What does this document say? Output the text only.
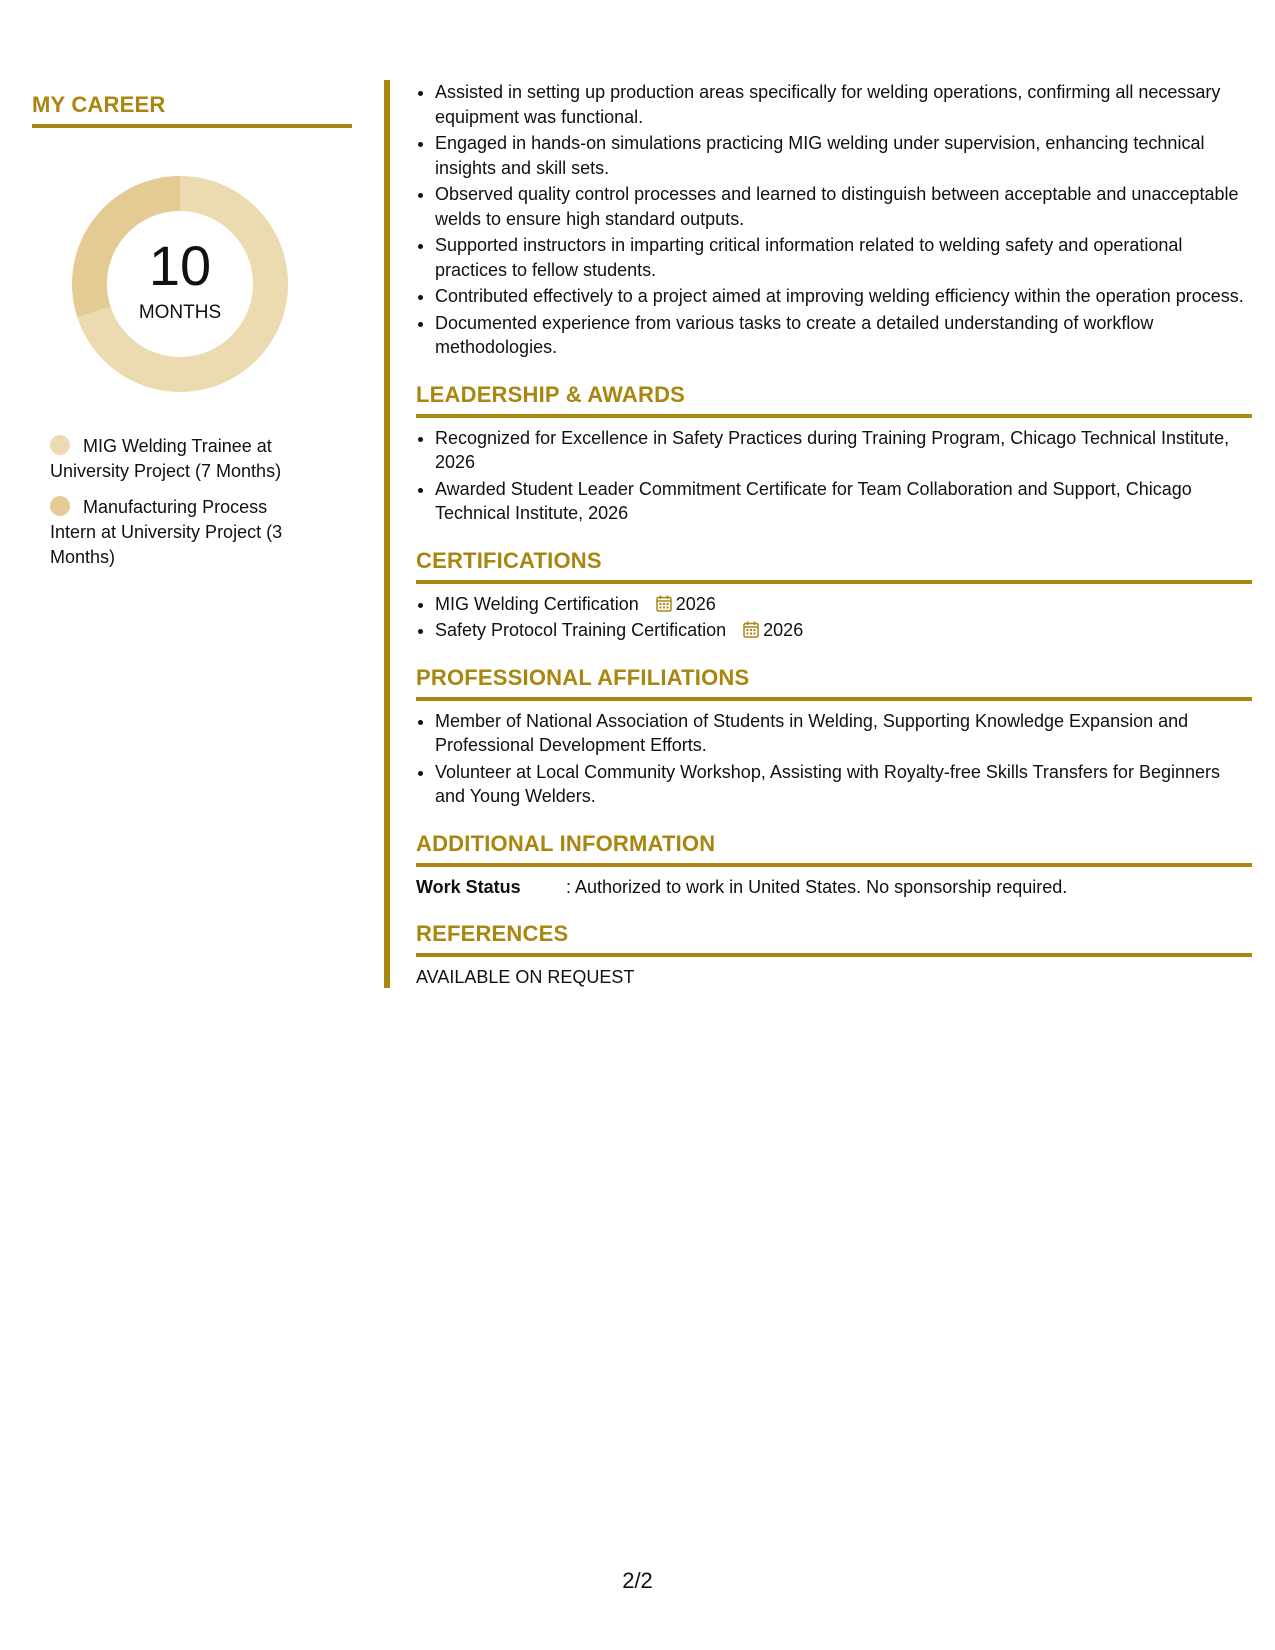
MY CAREER
10
MONTHS
MIG Welding Trainee at University Project (7 Months)
Manufacturing Process Intern at University Project (3 Months)
• Assisted in setting up production areas specifically for welding operations, confirming all necessary equipment was functional.
• Engaged in hands-on simulations practicing MIG welding under supervision, enhancing technical insights and skill sets.
• Observed quality control processes and learned to distinguish between acceptable and unacceptable welds to ensure high standard outputs.
• Supported instructors in imparting critical information related to welding safety and operational practices to fellow students.
• Contributed effectively to a project aimed at improving welding efficiency within the operation process.
• Documented experience from various tasks to create a detailed understanding of workflow methodologies.
LEADERSHIP & AWARDS
• Recognized for Excellence in Safety Practices during Training Program, Chicago Technical Institute, 2026
• Awarded Student Leader Commitment Certificate for Team Collaboration and Support, Chicago Technical Institute, 2026
CERTIFICATIONS
• MIG Welding Certification 2026
• Safety Protocol Training Certification 2026
PROFESSIONAL AFFILIATIONS
• Member of National Association of Students in Welding, Supporting Knowledge Expansion and Professional Development Efforts.
• Volunteer at Local Community Workshop, Assisting with Royalty-free Skills Transfers for Beginners and Young Welders.
ADDITIONAL INFORMATION
Work Status	: Authorized to work in United States. No sponsorship required.
REFERENCES
AVAILABLE ON REQUEST
2/2
